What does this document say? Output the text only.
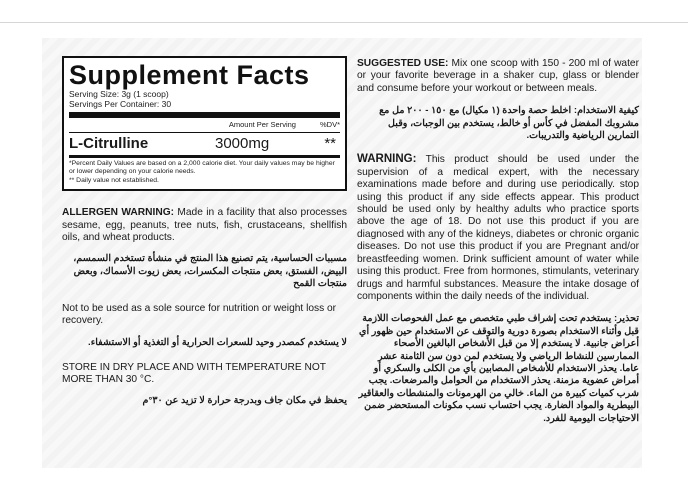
Supplement Facts
Serving Size: 3g (1 scoop)
Servings Per Container: 30
Amount Per Serving	%DV*
L-Citrulline	3000mg	**
*Percent Daily Values are based on a 2,000 calorie diet. Your daily values may be higher or lower depending on your calorie needs.
** Daily value not established.

ALLERGEN WARNING: Made in a facility that also processes sesame, egg, peanuts, tree nuts, fish, crustaceans, shellfish oils, and wheat products.

مسببات الحساسية، يتم تصنيع هذا المنتج في منشأة تستخدم السمسم، البيض، الفستق، بعض منتجات المكسرات، بعض زيوت الأسماك، وبعض منتجات القمح

Not to be used as a sole source for nutrition or weight loss or recovery.

لا يستخدم كمصدر وحيد للسعرات الحرارية أو التغذية أو الاستشفاء.

STORE IN DRY PLACE AND WITH TEMPERATURE NOT MORE THAN 30 °C.

يحفظ في مكان جاف وبدرجة حرارة لا تزيد عن ٣٠°م

SUGGESTED USE: Mix one scoop with 150 - 200 ml of water or your favorite beverage in a shaker cup, glass or blender and consume before your workout or between meals.

كيفية الاستخدام: اخلط حصة واحدة (١ مكيال) مع ١٥٠ - ٢٠٠ مل مع مشروبك المفضل في كأس أو خالط، يستخدم بين الوجبات، وقبل التمارين الرياضية والتدريبات.

WARNING: This product should be used under the supervision of a medical expert, with the necessary examinations made before and during use periodically. stop using this product if any side effects appear. This product should be used only by healthy adults who practice sports above the age of 18. Do not use this product if you are diagnosed with any of the kidneys, diabetes or chronic organic diseases. Do not use this product if you are Pregnant and/or breastfeeding women. Drink sufficient amount of water while using this product. Free from hormones, stimulants, veterinary drugs and harmful substances. Measure the intake dosage of components within the daily needs of the individual.

تحذير: يستخدم تحت إشراف طبي متخصص مع عمل الفحوصات اللازمة قبل وأثناء الاستخدام بصورة دورية والتوقف عن الاستخدام حين ظهور أي أعراض جانبية. لا يستخدم إلا من قبل الأشخاص البالغين الأصحاء الممارسين للنشاط الرياضي ولا يستخدم لمن دون سن الثامنة عشر عاما. يحذر الاستخدام للأشخاص المصابين بأي من الكلى والسكري أو أمراض عضوية مزمنة. يحذر الاستخدام من الحوامل والمرضعات. يجب شرب كميات كبيرة من الماء. خالي من الهرمونات والمنشطات والعقاقير البيطرية والمواد الضارة. يجب احتساب نسب مكونات المستحضر ضمن الاحتياجات اليومية للفرد.
